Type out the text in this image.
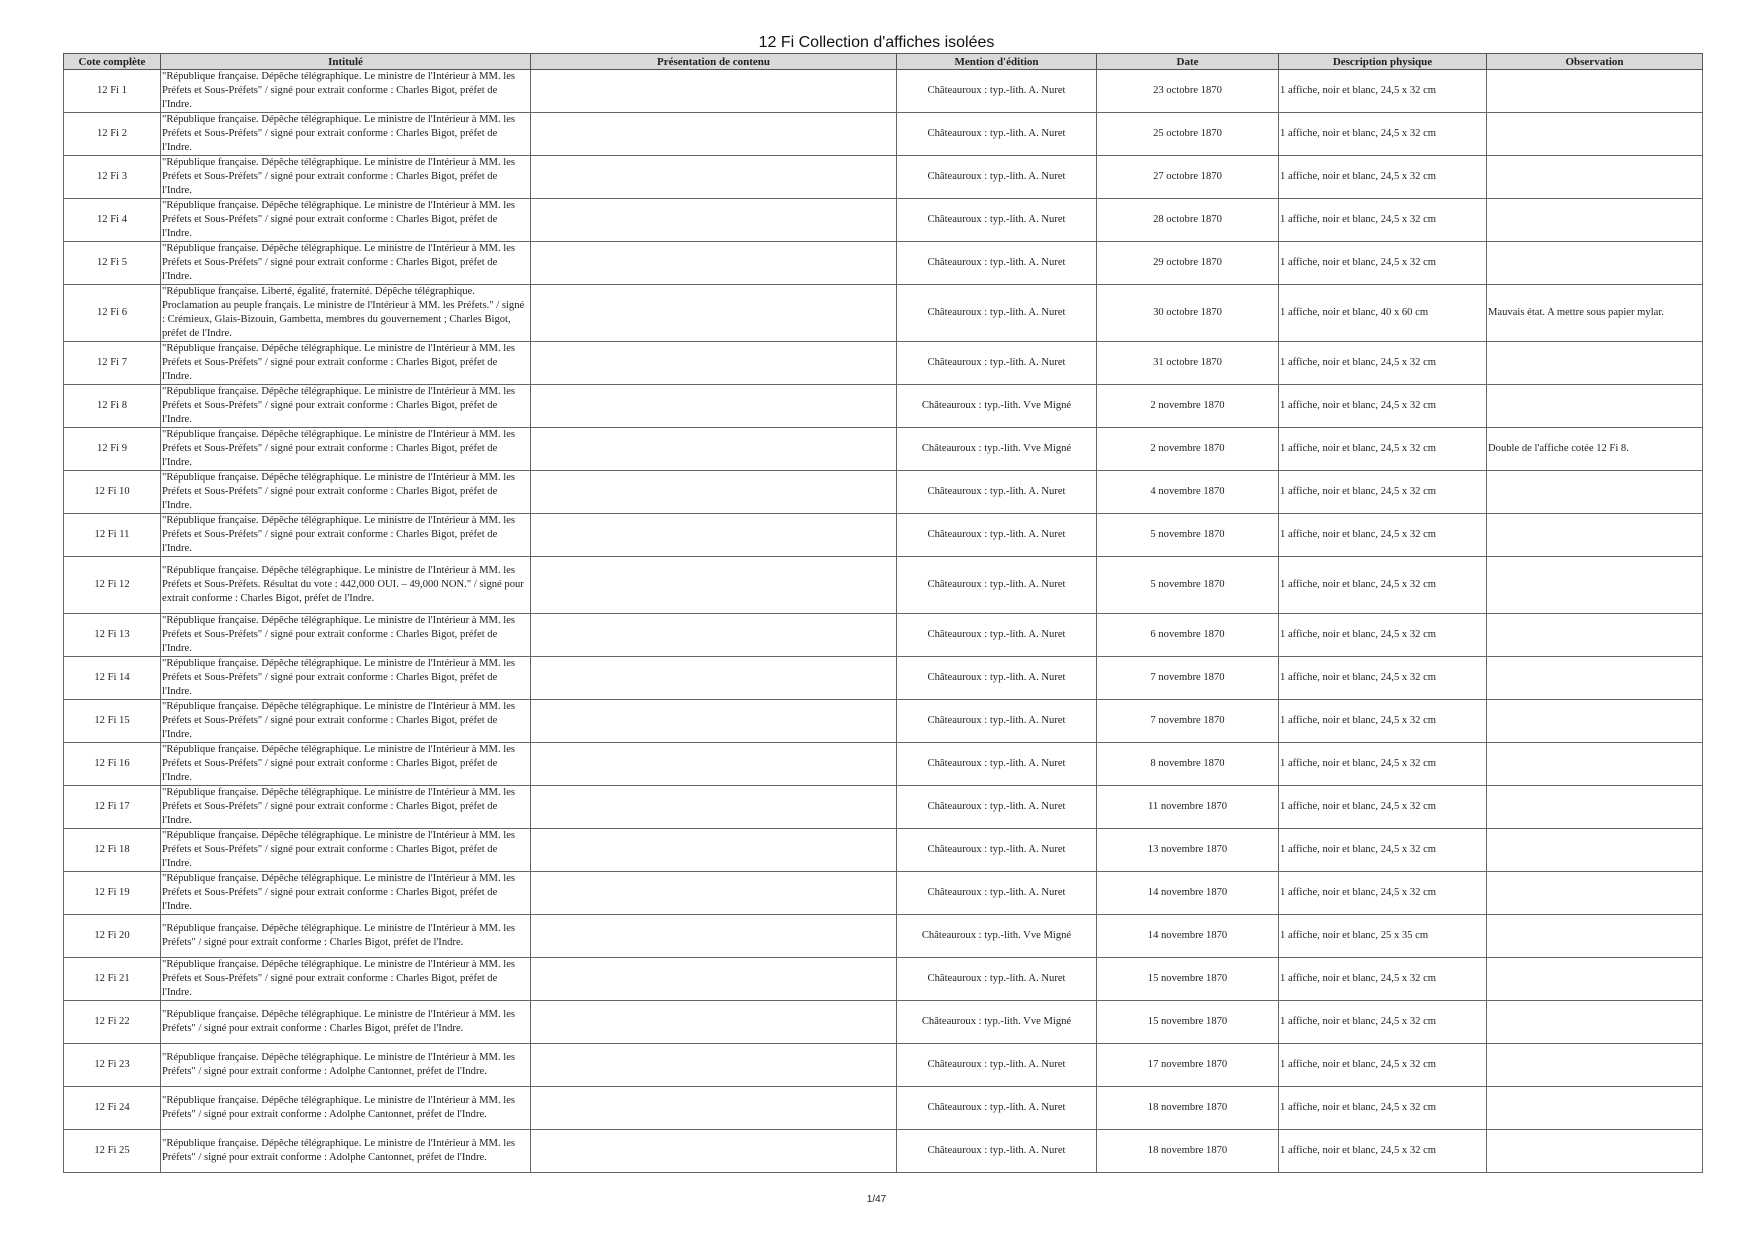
12 Fi Collection d'affiches isolées
Cote complète	Intitulé	Présentation de contenu	Mention d'édition	Date	Description physique	Observation
12 Fi 1	"République française. Dépêche télégraphique. Le ministre de l'Intérieur à MM. les Préfets et Sous-Préfets" / signé pour extrait conforme : Charles Bigot, préfet de l'Indre.		Châteauroux : typ.-lith. A. Nuret	23 octobre 1870	1 affiche, noir et blanc, 24,5 x 32 cm	
12 Fi 2	"République française. Dépêche télégraphique. Le ministre de l'Intérieur à MM. les Préfets et Sous-Préfets" / signé pour extrait conforme : Charles Bigot, préfet de l'Indre.		Châteauroux : typ.-lith. A. Nuret	25 octobre 1870	1 affiche, noir et blanc, 24,5 x 32 cm	
12 Fi 3	"République française. Dépêche télégraphique. Le ministre de l'Intérieur à MM. les Préfets et Sous-Préfets" / signé pour extrait conforme : Charles Bigot, préfet de l'Indre.		Châteauroux : typ.-lith. A. Nuret	27 octobre 1870	1 affiche, noir et blanc, 24,5 x 32 cm	
12 Fi 4	"République française. Dépêche télégraphique. Le ministre de l'Intérieur à MM. les Préfets et Sous-Préfets" / signé pour extrait conforme : Charles Bigot, préfet de l'Indre.		Châteauroux : typ.-lith. A. Nuret	28 octobre 1870	1 affiche, noir et blanc, 24,5 x 32 cm	
12 Fi 5	"République française. Dépêche télégraphique. Le ministre de l'Intérieur à MM. les Préfets et Sous-Préfets" / signé pour extrait conforme : Charles Bigot, préfet de l'Indre.		Châteauroux : typ.-lith. A. Nuret	29 octobre 1870	1 affiche, noir et blanc, 24,5 x 32 cm	
12 Fi 6	"République française. Liberté, égalité, fraternité. Dépêche télégraphique. Proclamation au peuple français. Le ministre de l'Intérieur à MM. les Préfets." / signé : Crémieux, Glais-Bizouin, Gambetta, membres du gouvernement ; Charles Bigot, préfet de l'Indre.		Châteauroux : typ.-lith. A. Nuret	30 octobre 1870	1 affiche, noir et blanc, 40 x 60 cm	Mauvais état. A mettre sous papier mylar.
12 Fi 7	"République française. Dépêche télégraphique. Le ministre de l'Intérieur à MM. les Préfets et Sous-Préfets" / signé pour extrait conforme : Charles Bigot, préfet de l'Indre.		Châteauroux : typ.-lith. A. Nuret	31 octobre 1870	1 affiche, noir et blanc, 24,5 x 32 cm	
12 Fi 8	"République française. Dépêche télégraphique. Le ministre de l'Intérieur à MM. les Préfets et Sous-Préfets" / signé pour extrait conforme : Charles Bigot, préfet de l'Indre.		Châteauroux : typ.-lith. Vve Migné	2 novembre 1870	1 affiche, noir et blanc, 24,5 x 32 cm	
12 Fi 9	"République française. Dépêche télégraphique. Le ministre de l'Intérieur à MM. les Préfets et Sous-Préfets" / signé pour extrait conforme : Charles Bigot, préfet de l'Indre.		Châteauroux : typ.-lith. Vve Migné	2 novembre 1870	1 affiche, noir et blanc, 24,5 x 32 cm	Double de l'affiche cotée 12 Fi 8.
12 Fi 10	"République française. Dépêche télégraphique. Le ministre de l'Intérieur à MM. les Préfets et Sous-Préfets" / signé pour extrait conforme : Charles Bigot, préfet de l'Indre.		Châteauroux : typ.-lith. A. Nuret	4 novembre 1870	1 affiche, noir et blanc, 24,5 x 32 cm	
12 Fi 11	"République française. Dépêche télégraphique. Le ministre de l'Intérieur à MM. les Préfets et Sous-Préfets" / signé pour extrait conforme : Charles Bigot, préfet de l'Indre.		Châteauroux : typ.-lith. A. Nuret	5 novembre 1870	1 affiche, noir et blanc, 24,5 x 32 cm	
12 Fi 12	"République française. Dépêche télégraphique. Le ministre de l'Intérieur à MM. les Préfets et Sous-Préfets. Résultat du vote : 442,000 OUI. – 49,000 NON." / signé pour extrait conforme : Charles Bigot, préfet de l'Indre.		Châteauroux : typ.-lith. A. Nuret	5 novembre 1870	1 affiche, noir et blanc, 24,5 x 32 cm	
12 Fi 13	"République française. Dépêche télégraphique. Le ministre de l'Intérieur à MM. les Préfets et Sous-Préfets" / signé pour extrait conforme : Charles Bigot, préfet de l'Indre.		Châteauroux : typ.-lith. A. Nuret	6 novembre 1870	1 affiche, noir et blanc, 24,5 x 32 cm	
12 Fi 14	"République française. Dépêche télégraphique. Le ministre de l'Intérieur à MM. les Préfets et Sous-Préfets" / signé pour extrait conforme : Charles Bigot, préfet de l'Indre.		Châteauroux : typ.-lith. A. Nuret	7 novembre 1870	1 affiche, noir et blanc, 24,5 x 32 cm	
12 Fi 15	"République française. Dépêche télégraphique. Le ministre de l'Intérieur à MM. les Préfets et Sous-Préfets" / signé pour extrait conforme : Charles Bigot, préfet de l'Indre.		Châteauroux : typ.-lith. A. Nuret	7 novembre 1870	1 affiche, noir et blanc, 24,5 x 32 cm	
12 Fi 16	"République française. Dépêche télégraphique. Le ministre de l'Intérieur à MM. les Préfets et Sous-Préfets" / signé pour extrait conforme : Charles Bigot, préfet de l'Indre.		Châteauroux : typ.-lith. A. Nuret	8 novembre 1870	1 affiche, noir et blanc, 24,5 x 32 cm	
12 Fi 17	"République française. Dépêche télégraphique. Le ministre de l'Intérieur à MM. les Préfets et Sous-Préfets" / signé pour extrait conforme : Charles Bigot, préfet de l'Indre.		Châteauroux : typ.-lith. A. Nuret	11 novembre 1870	1 affiche, noir et blanc, 24,5 x 32 cm	
12 Fi 18	"République française. Dépêche télégraphique. Le ministre de l'Intérieur à MM. les Préfets et Sous-Préfets" / signé pour extrait conforme : Charles Bigot, préfet de l'Indre.		Châteauroux : typ.-lith. A. Nuret	13 novembre 1870	1 affiche, noir et blanc, 24,5 x 32 cm	
12 Fi 19	"République française. Dépêche télégraphique. Le ministre de l'Intérieur à MM. les Préfets et Sous-Préfets" / signé pour extrait conforme : Charles Bigot, préfet de l'Indre.		Châteauroux : typ.-lith. A. Nuret	14 novembre 1870	1 affiche, noir et blanc, 24,5 x 32 cm	
12 Fi 20	"République française. Dépêche télégraphique. Le ministre de l'Intérieur à MM. les Préfets" / signé pour extrait conforme : Charles Bigot, préfet de l'Indre.		Châteauroux : typ.-lith. Vve Migné	14 novembre 1870	1 affiche, noir et blanc, 25 x 35 cm	
12 Fi 21	"République française. Dépêche télégraphique. Le ministre de l'Intérieur à MM. les Préfets et Sous-Préfets" / signé pour extrait conforme : Charles Bigot, préfet de l'Indre.		Châteauroux : typ.-lith. A. Nuret	15 novembre 1870	1 affiche, noir et blanc, 24,5 x 32 cm	
12 Fi 22	"République française. Dépêche télégraphique. Le ministre de l'Intérieur à MM. les Préfets" / signé pour extrait conforme : Charles Bigot, préfet de l'Indre.		Châteauroux : typ.-lith. Vve Migné	15 novembre 1870	1 affiche, noir et blanc, 24,5 x 32 cm	
12 Fi 23	"République française. Dépêche télégraphique. Le ministre de l'Intérieur à MM. les Préfets" / signé pour extrait conforme : Adolphe Cantonnet, préfet de l'Indre.		Châteauroux : typ.-lith. A. Nuret	17 novembre 1870	1 affiche, noir et blanc, 24,5 x 32 cm	
12 Fi 24	"République française. Dépêche télégraphique. Le ministre de l'Intérieur à MM. les Préfets" / signé pour extrait conforme : Adolphe Cantonnet, préfet de l'Indre.		Châteauroux : typ.-lith. A. Nuret	18 novembre 1870	1 affiche, noir et blanc, 24,5 x 32 cm	
12 Fi 25	"République française. Dépêche télégraphique. Le ministre de l'Intérieur à MM. les Préfets" / signé pour extrait conforme : Adolphe Cantonnet, préfet de l'Indre.		Châteauroux : typ.-lith. A. Nuret	18 novembre 1870	1 affiche, noir et blanc, 24,5 x 32 cm	
1/47
